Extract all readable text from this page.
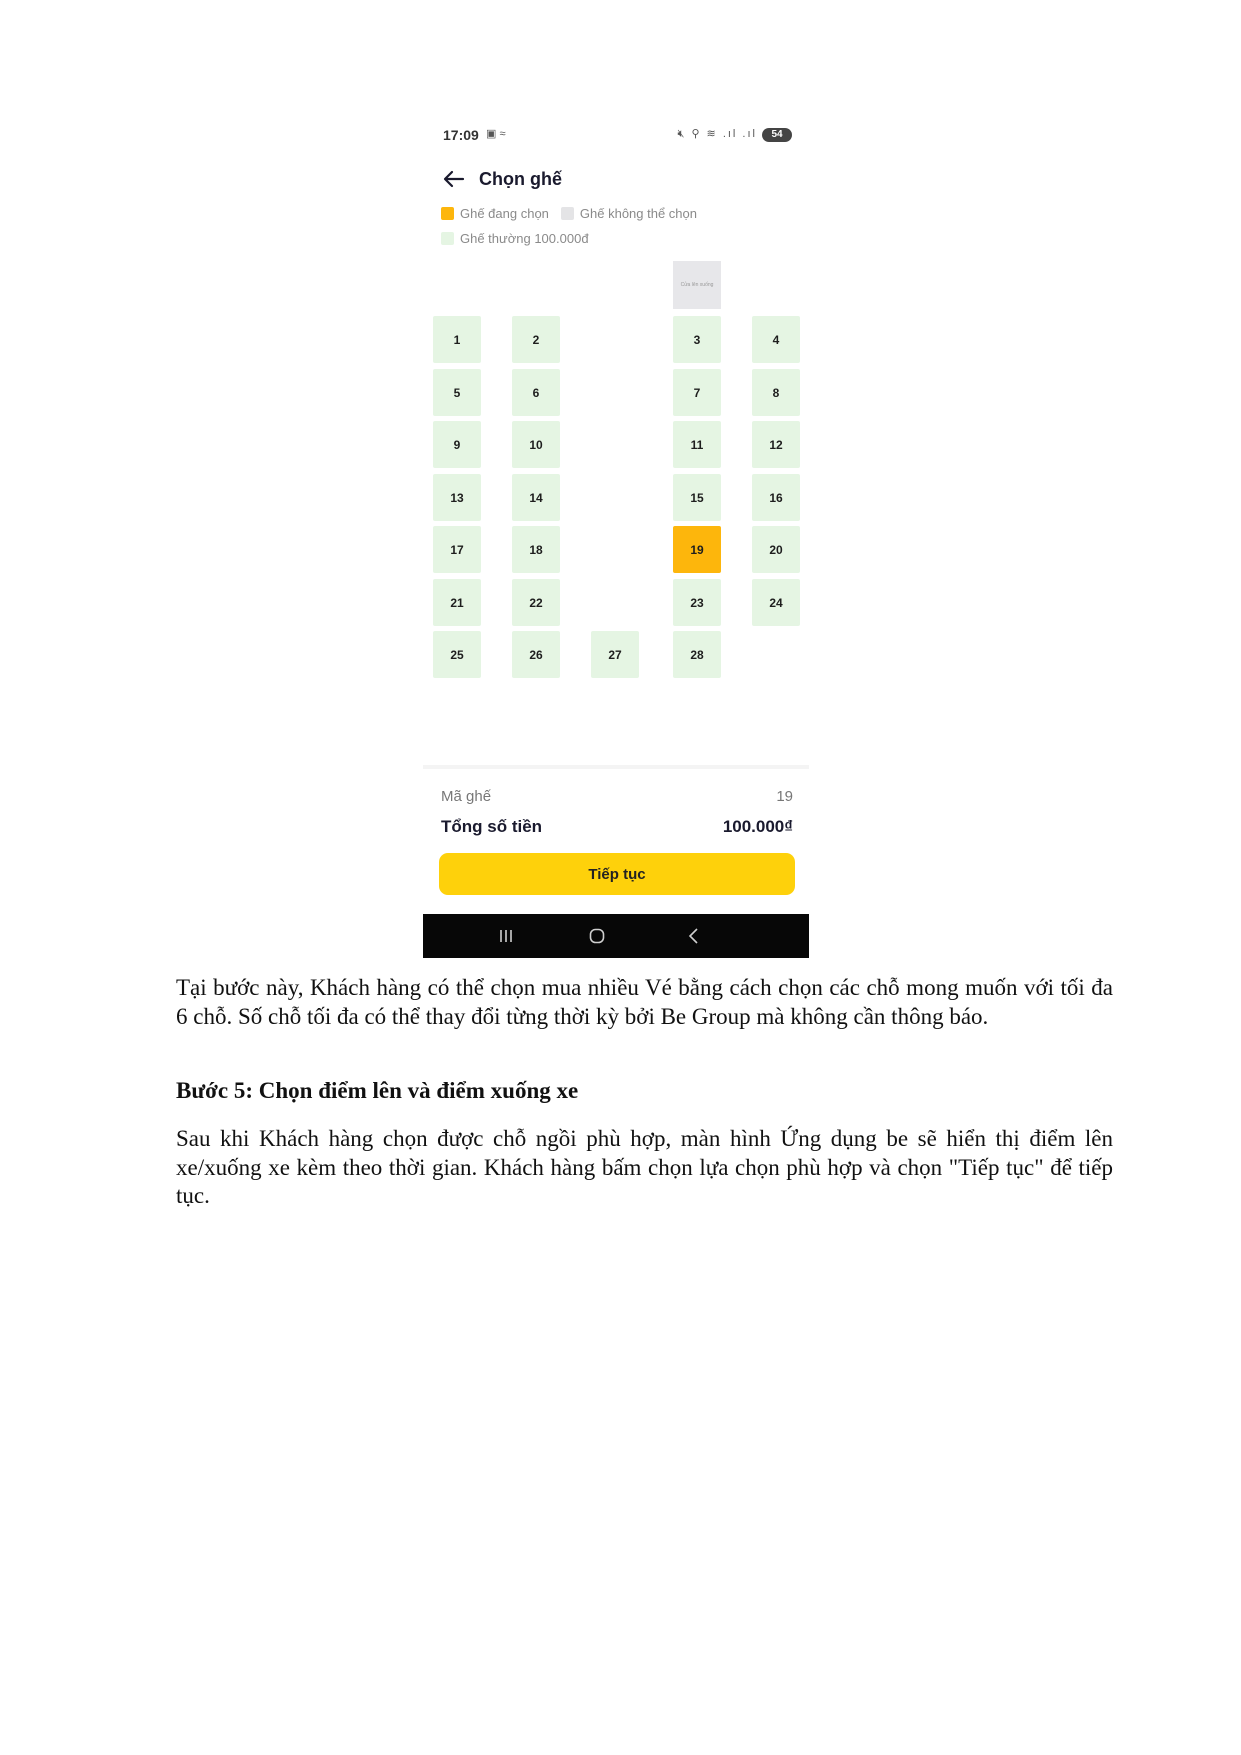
17:09 ▣ ≈	🔇︎ ⚲ ≋ .ıl .ıl	54
Chọn ghế
Ghế đang chọn Ghế không thể chọn
Ghế thường 100.000đ
Cửa lên xuống
1	2	3	4
5	6	7	8
9	10	11	12
13	14	15	16
17	18	19	20
21	22	23	24
25	26	27	28
Mã ghế	19
Tổng số tiền	100.000₫
Tiếp tục

Tại bước này, Khách hàng có thể chọn mua nhiều Vé bằng cách chọn các chỗ mong muốn với tối đa 6 chỗ. Số chỗ tối đa có thể thay đổi từng thời kỳ bởi Be Group mà không cần thông báo.

Bước 5: Chọn điểm lên và điểm xuống xe

Sau khi Khách hàng chọn được chỗ ngồi phù hợp, màn hình Ứng dụng be sẽ hiển thị điểm lên xe/xuống xe kèm theo thời gian. Khách hàng bấm chọn lựa chọn phù hợp và chọn "Tiếp tục" để tiếp tục.
